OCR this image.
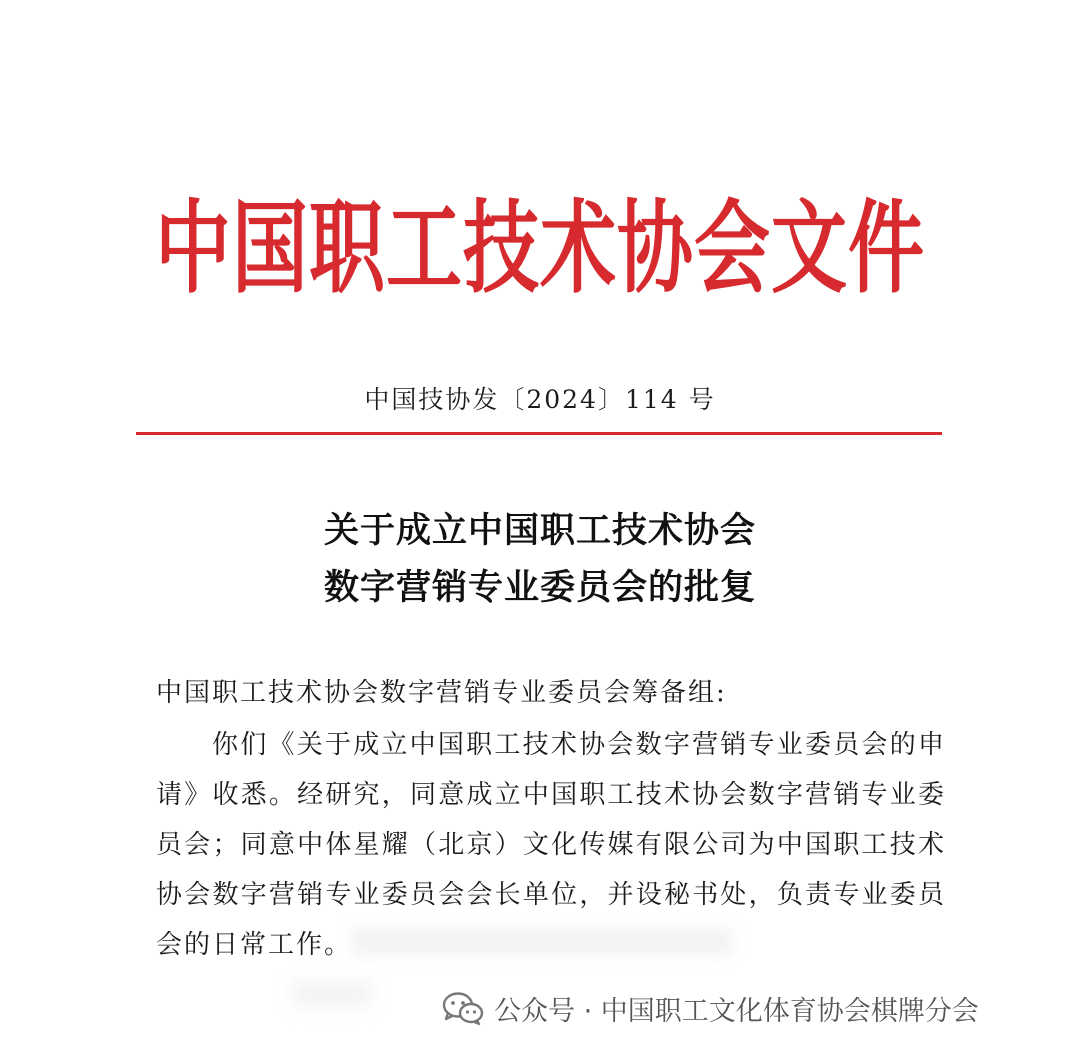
中国职工技术协会文件
中国技协发〔2024〕114 号
关于成立中国职工技术协会
数字营销专业委员会的批复
中国职工技术协会数字营销专业委员会筹备组:
你们《关于成立中国职工技术协会数字营销专业委员会的申请》收悉。经研究，同意成立中国职工技术协会数字营销专业委员会；同意中体星耀（北京）文化传媒有限公司为中国职工技术协会数字营销专业委员会会长单位，并设秘书处，负责专业委员会的日常工作。
公众号 · 中国职工文化体育协会棋牌分会
